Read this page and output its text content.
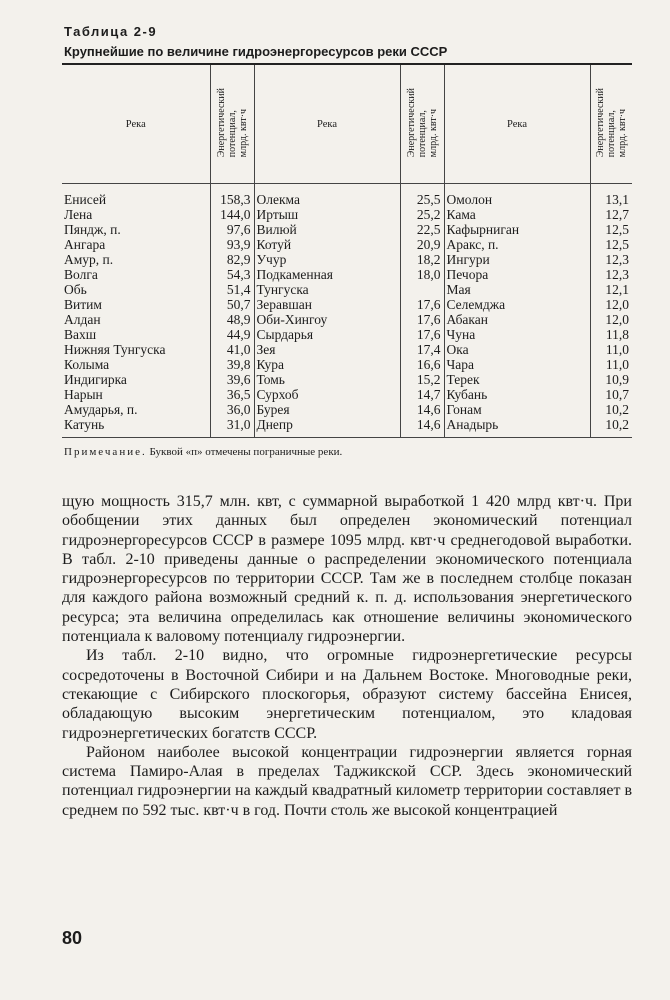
Таблица 2-9
Крупнейшие по величине гидроэнергоресурсов реки СССР
Река	Энергетический
потенциал,
млрд. квт·ч	Река	Энергетический
потенциал,
млрд. квт·ч	Река	Энергетический
потенциал,
млрд. квт·ч
Енисей	158,3	Олекма	25,5	Омолон	13,1
Лена	144,0	Иртыш	25,2	Кама	12,7
Пяндж, п.	97,6	Вилюй	22,5	Кафырниган	12,5
Ангара	93,9	Котуй	20,9	Аракс, п.	12,5
Амур, п.	82,9	Учур	18,2	Ингури	12,3
Волга	54,3	Подкаменная	18,0	Печора	12,3
Обь	51,4	Тунгуска		Мая	12,1
Витим	50,7	Зеравшан	17,6	Селемджа	12,0
Алдан	48,9	Оби-Хингоу	17,6	Абакан	12,0
Вахш	44,9	Сырдарья	17,6	Чуна	11,8
Нижняя Тунгуска	41,0	Зея	17,4	Ока	11,0
Колыма	39,8	Кура	16,6	Чара	11,0
Индигирка	39,6	Томь	15,2	Терек	10,9
Нарын	36,5	Сурхоб	14,7	Кубань	10,7
Амударья, п.	36,0	Бурея	14,6	Гонам	10,2
Катунь	31,0	Днепр	14,6	Анадырь	10,2
Примечание. Буквой «п» отмечены пограничные реки.

щую мощность 315,7 млн. квт, с суммарной выработкой 1 420 млрд квт·ч. При обобщении этих данных был определен экономический потенциал гидроэнергоресурсов СССР в размере 1095 млрд. квт·ч среднегодовой выработки. В табл. 2-10 приведены данные о распределении экономического потенциала гидроэнергоресурсов по территории СССР. Там же в последнем столбце показан для каждого района возможный средний к. п. д. использования энергетического ресурса; эта величина определилась как отношение величины экономического потенциала к валовому потенциалу гидроэнергии.

Из табл. 2-10 видно, что огромные гидроэнергетические ресурсы сосредоточены в Восточной Сибири и на Дальнем Востоке. Многоводные реки, стекающие с Сибирского плоскогорья, образуют систему бассейна Енисея, обладающую высоким энергетическим потенциалом, это кладовая гидроэнергетических богатств СССР.

Районом наиболее высокой концентрации гидроэнергии является горная система Памиро-Алая в пределах Таджикской ССР. Здесь экономический потенциал гидроэнергии на каждый квадратный километр территории составляет в среднем по 592 тыс. квт·ч в год. Почти столь же высокой концентрацией

80
